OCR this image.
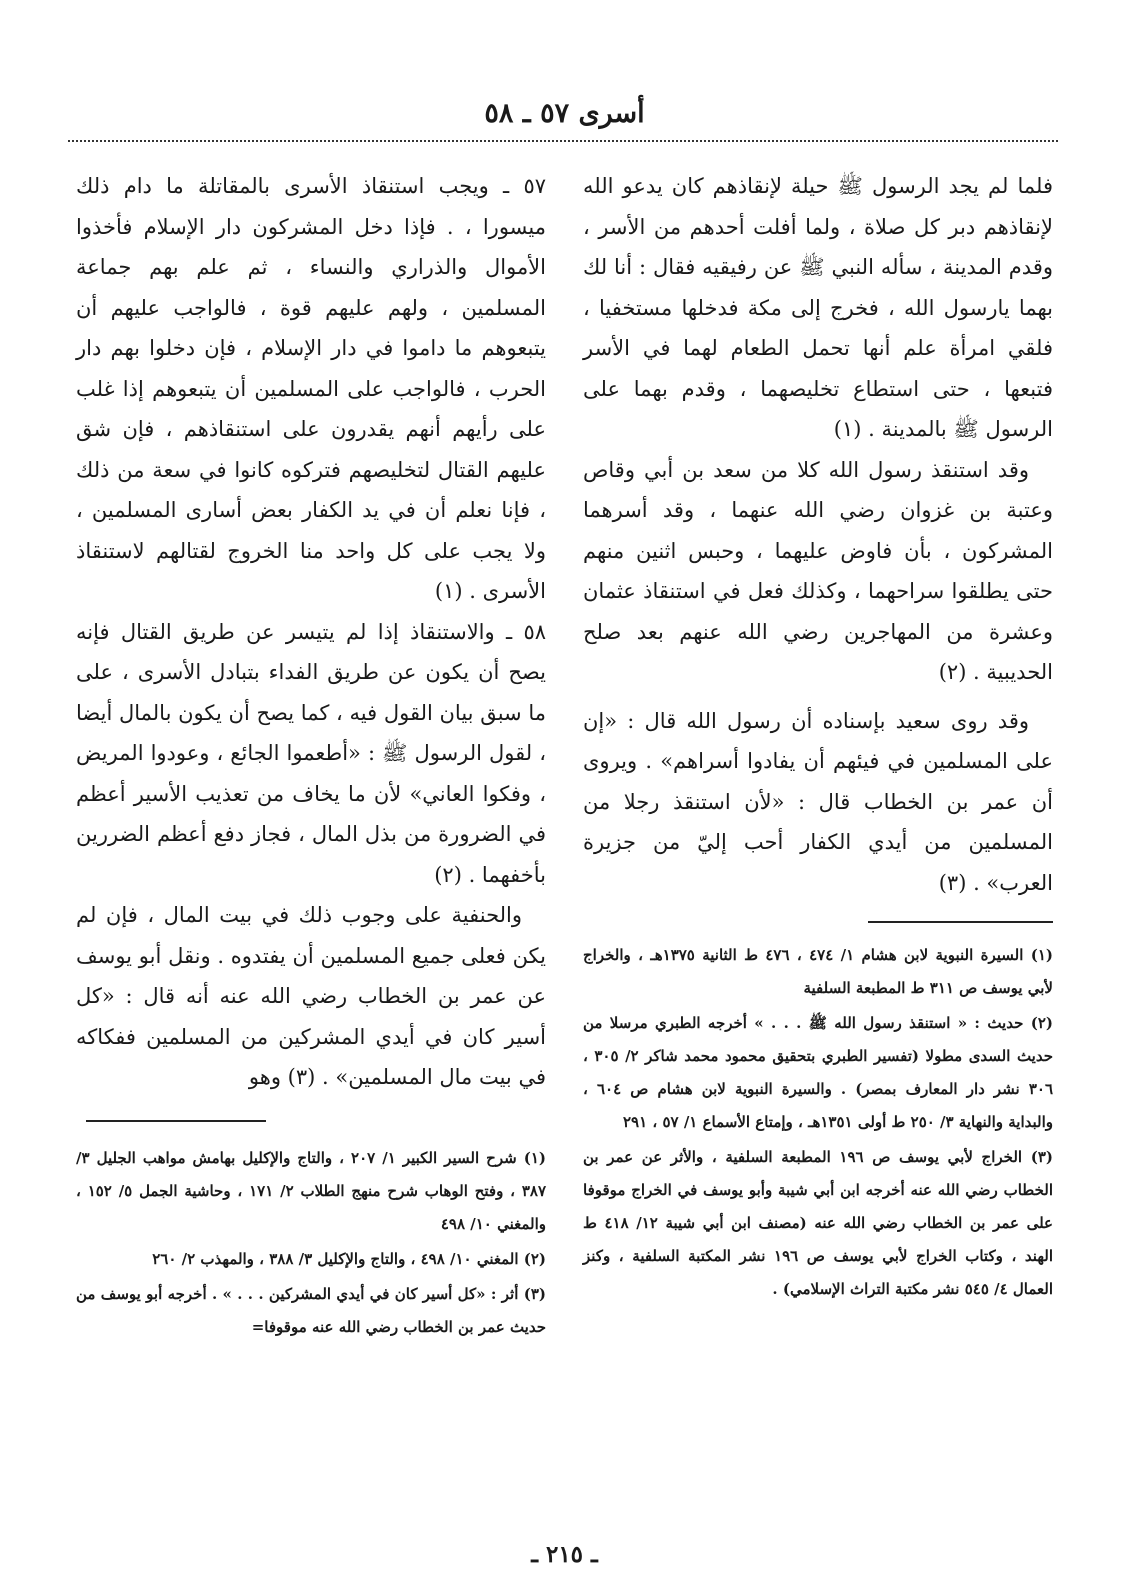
أسرى ٥٧ ـ ٥٨

فلما لم يجد الرسول ﷺ حيلة لإنقاذهم كان يدعو الله لإنقاذهم دبر كل صلاة ، ولما أفلت أحدهم من الأسر ، وقدم المدينة ، سأله النبي ﷺ عن رفيقيه فقال : أنا لك بهما يارسول الله ، فخرج إلى مكة فدخلها مستخفيا ، فلقي امرأة علم أنها تحمل الطعام لهما في الأسر فتبعها ، حتى استطاع تخليصهما ، وقدم بهما على الرسول ﷺ بالمدينة . (١)

وقد استنقذ رسول الله كلا من سعد بن أبي وقاص وعتبة بن غزوان رضي الله عنهما ، وقد أسرهما المشركون ، بأن فاوض عليهما ، وحبس اثنين منهم حتى يطلقوا سراحهما ، وكذلك فعل في استنقاذ عثمان وعشرة من المهاجرين رضي الله عنهم بعد صلح الحديبية . (٢)

وقد روى سعيد بإسناده أن رسول الله قال : «إن على المسلمين في فيئهم أن يفادوا أسراهم» . ويروى أن عمر بن الخطاب قال : «لأن استنقذ رجلا من المسلمين من أيدي الكفار أحب إليّ من جزيرة العرب» . (٣)

(١) السيرة النبوية لابن هشام ١/ ٤٧٤ ، ٤٧٦ ط الثانية ١٣٧٥هـ ، والخراج لأبي يوسف ص ٣١١ ط المطبعة السلفية

(٢) حديث : « استنقذ رسول الله ﷺ . . . » أخرجه الطبري مرسلا من حديث السدى مطولا (تفسير الطبري بتحقيق محمود محمد شاكر ٢/ ٣٠٥ ، ٣٠٦ نشر دار المعارف بمصر) . والسيرة النبوية لابن هشام ص ٦٠٤ ، والبداية والنهاية ٣/ ٢٥٠ ط أولى ١٣٥١هـ ، وإمتاع الأسماع ١/ ٥٧ ، ٢٩١

(٣) الخراج لأبي يوسف ص ١٩٦ المطبعة السلفية ، والأثر عن عمر بن الخطاب رضي الله عنه أخرجه ابن أبي شيبة وأبو يوسف في الخراج موقوفا على عمر بن الخطاب رضي الله عنه (مصنف ابن أبي شيبة ١٢/ ٤١٨ ط الهند ، وكتاب الخراج لأبي يوسف ص ١٩٦ نشر المكتبة السلفية ، وكنز العمال ٤/ ٥٤٥ نشر مكتبة التراث الإسلامي) .

٥٧ ـ ويجب استنقاذ الأسرى بالمقاتلة ما دام ذلك ميسورا ، . فإذا دخل المشركون دار الإسلام فأخذوا الأموال والذراري والنساء ، ثم علم بهم جماعة المسلمين ، ولهم عليهم قوة ، فالواجب عليهم أن يتبعوهم ما داموا في دار الإسلام ، فإن دخلوا بهم دار الحرب ، فالواجب على المسلمين أن يتبعوهم إذا غلب على رأيهم أنهم يقدرون على استنقاذهم ، فإن شق عليهم القتال لتخليصهم فتركوه كانوا في سعة من ذلك ، فإنا نعلم أن في يد الكفار بعض أسارى المسلمين ، ولا يجب على كل واحد منا الخروج لقتالهم لاستنقاذ الأسرى . (١)

٥٨ ـ والاستنقاذ إذا لم يتيسر عن طريق القتال فإنه يصح أن يكون عن طريق الفداء بتبادل الأسرى ، على ما سبق بيان القول فيه ، كما يصح أن يكون بالمال أيضا ، لقول الرسول ﷺ : «أطعموا الجائع ، وعودوا المريض ، وفكوا العاني» لأن ما يخاف من تعذيب الأسير أعظم في الضرورة من بذل المال ، فجاز دفع أعظم الضررين بأخفهما . (٢)

والحنفية على وجوب ذلك في بيت المال ، فإن لم يكن فعلى جميع المسلمين أن يفتدوه . ونقل أبو يوسف عن عمر بن الخطاب رضي الله عنه أنه قال : «كل أسير كان في أيدي المشركين من المسلمين ففكاكه في بيت مال المسلمين» . (٣) وهو

(١) شرح السير الكبير ١/ ٢٠٧ ، والتاج والإكليل بهامش مواهب الجليل ٣/ ٣٨٧ ، وفتح الوهاب شرح منهج الطلاب ٢/ ١٧١ ، وحاشية الجمل ٥/ ١٥٢ ، والمغني ١٠/ ٤٩٨

(٢) المغني ١٠/ ٤٩٨ ، والتاج والإكليل ٣/ ٣٨٨ ، والمهذب ٢/ ٢٦٠

(٣) أثر : «كل أسير كان في أيدي المشركين . . . » . أخرجه أبو يوسف من حديث عمر بن الخطاب رضي الله عنه موقوفا=

ـ ٢١٥ ـ
